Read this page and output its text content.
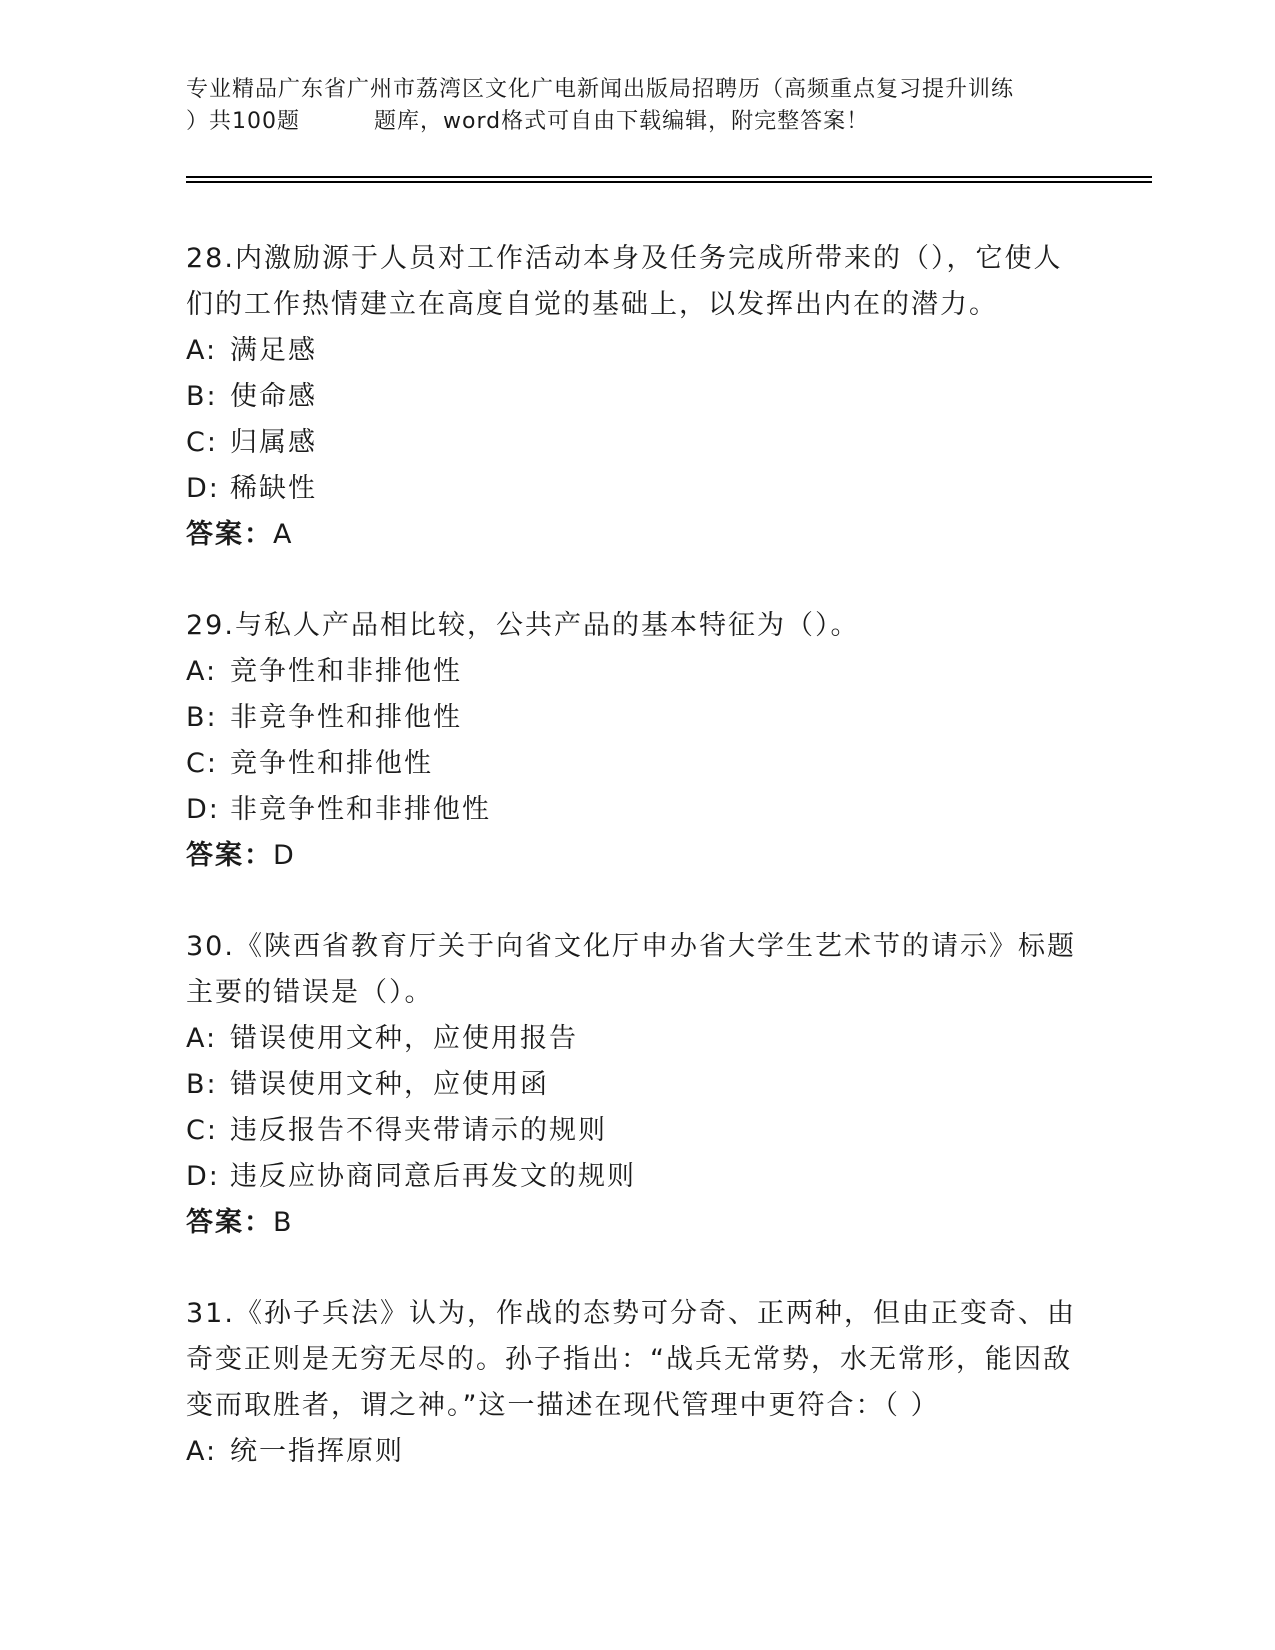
专业精品广东省广州市荔湾区文化广电新闻出版局招聘历（高频重点复习提升训练
）共100题	题库，word格式可自由下载编辑，附完整答案！
28.内激励源于人员对工作活动本身及任务完成所带来的（），它使人们的工作热情建立在高度自觉的基础上，以发挥出内在的潜力。
A: 满足感
B: 使命感
C: 归属感
D: 稀缺性
答案：A
29.与私人产品相比较，公共产品的基本特征为（）。
A: 竞争性和非排他性
B: 非竞争性和排他性
C: 竞争性和排他性
D: 非竞争性和非排他性
答案：D
30.《陕西省教育厅关于向省文化厅申办省大学生艺术节的请示》标题主要的错误是（）。
A: 错误使用文种，应使用报告
B: 错误使用文种，应使用函
C: 违反报告不得夹带请示的规则
D: 违反应协商同意后再发文的规则
答案：B
31.《孙子兵法》认为，作战的态势可分奇、正两种，但由正变奇、由奇变正则是无穷无尽的。孙子指出：“战兵无常势，水无常形，能因敌变而取胜者，谓之神。”这一描述在现代管理中更符合：（ ）
A: 统一指挥原则
